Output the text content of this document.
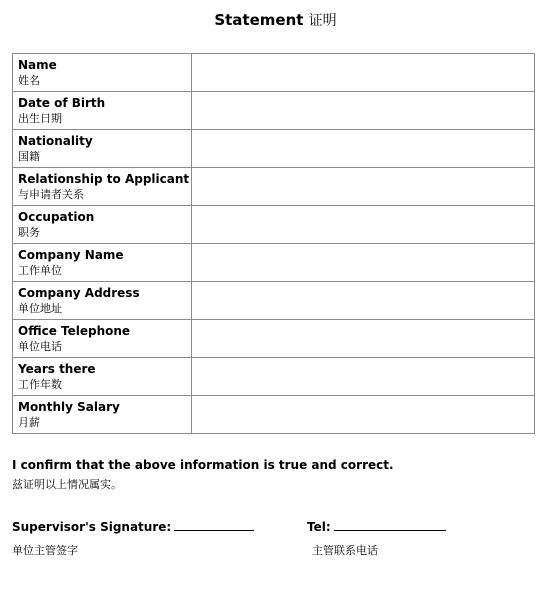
Statement 证明
Name
姓名	

Date of Birth
出生日期	

Nationality
国籍	

Relationship to Applicant
与申请者关系	

Occupation
职务	

Company Name
工作单位	

Company Address
单位地址	

Office Telephone
单位电话	

Years there
工作年数	

Monthly Salary
月薪	

I confirm that the above information is true and correct.
兹证明以上情况属实。
Supervisor's Signature:
单位主管签字
Tel:
主管联系电话
